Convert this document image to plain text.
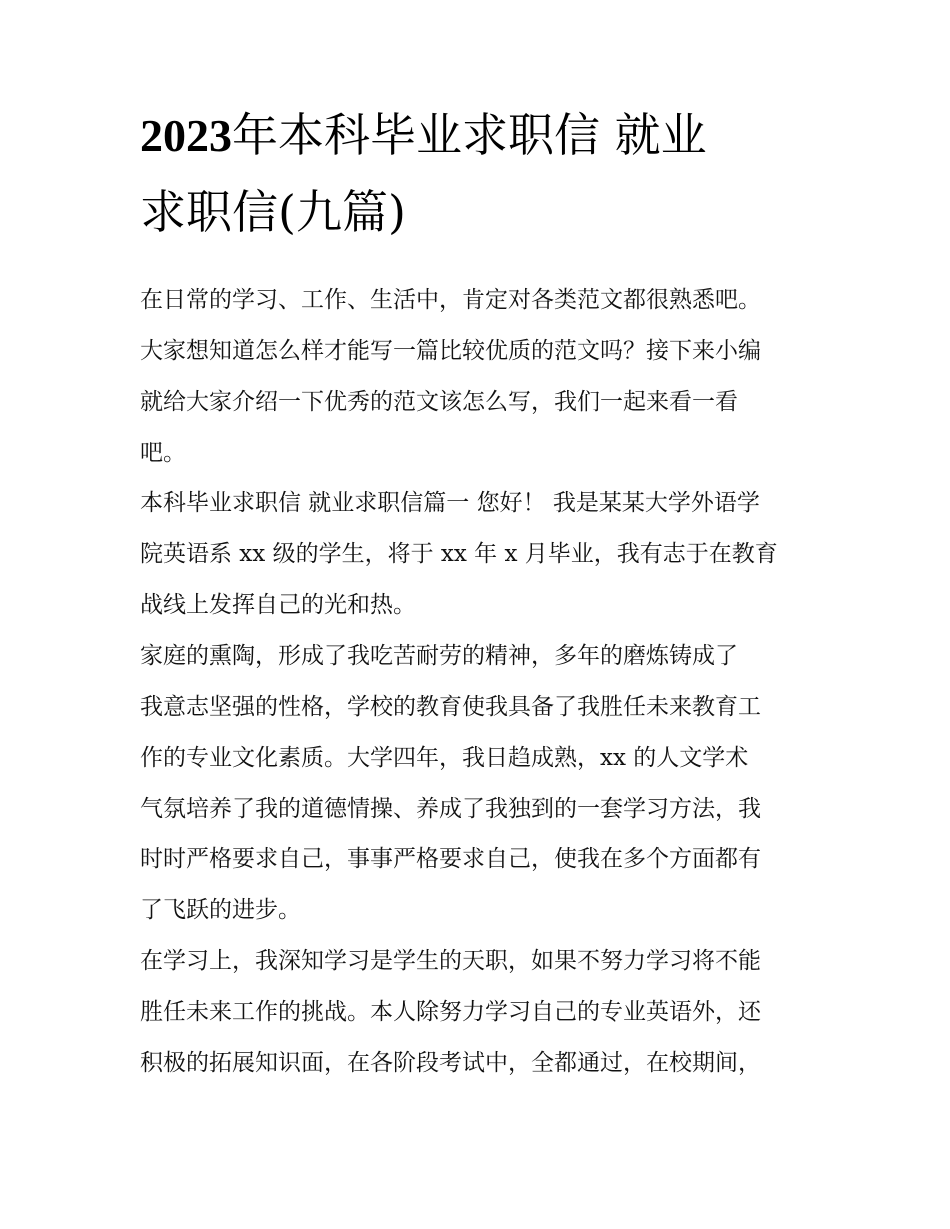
2023年本科毕业求职信 就业
求职信(九篇)

在日常的学习、工作、生活中，肯定对各类范文都很熟悉吧。

大家想知道怎么样才能写一篇比较优质的范文吗？接下来小编

就给大家介绍一下优秀的范文该怎么写，我们一起来看一看

吧。

本科毕业求职信 就业求职信篇一 您好！ 我是某某大学外语学

院英语系 xx 级的学生，将于 xx 年 x 月毕业，我有志于在教育

战线上发挥自己的光和热。

家庭的熏陶，形成了我吃苦耐劳的精神，多年的磨炼铸成了

我意志坚强的性格，学校的教育使我具备了我胜任未来教育工

作的专业文化素质。大学四年，我日趋成熟，xx 的人文学术

气氛培养了我的道德情操、养成了我独到的一套学习方法，我

时时严格要求自己，事事严格要求自己，使我在多个方面都有

了飞跃的进步。

在学习上，我深知学习是学生的天职，如果不努力学习将不能

胜任未来工作的挑战。本人除努力学习自己的专业英语外，还

积极的拓展知识面，在各阶段考试中，全都通过，在校期间，
